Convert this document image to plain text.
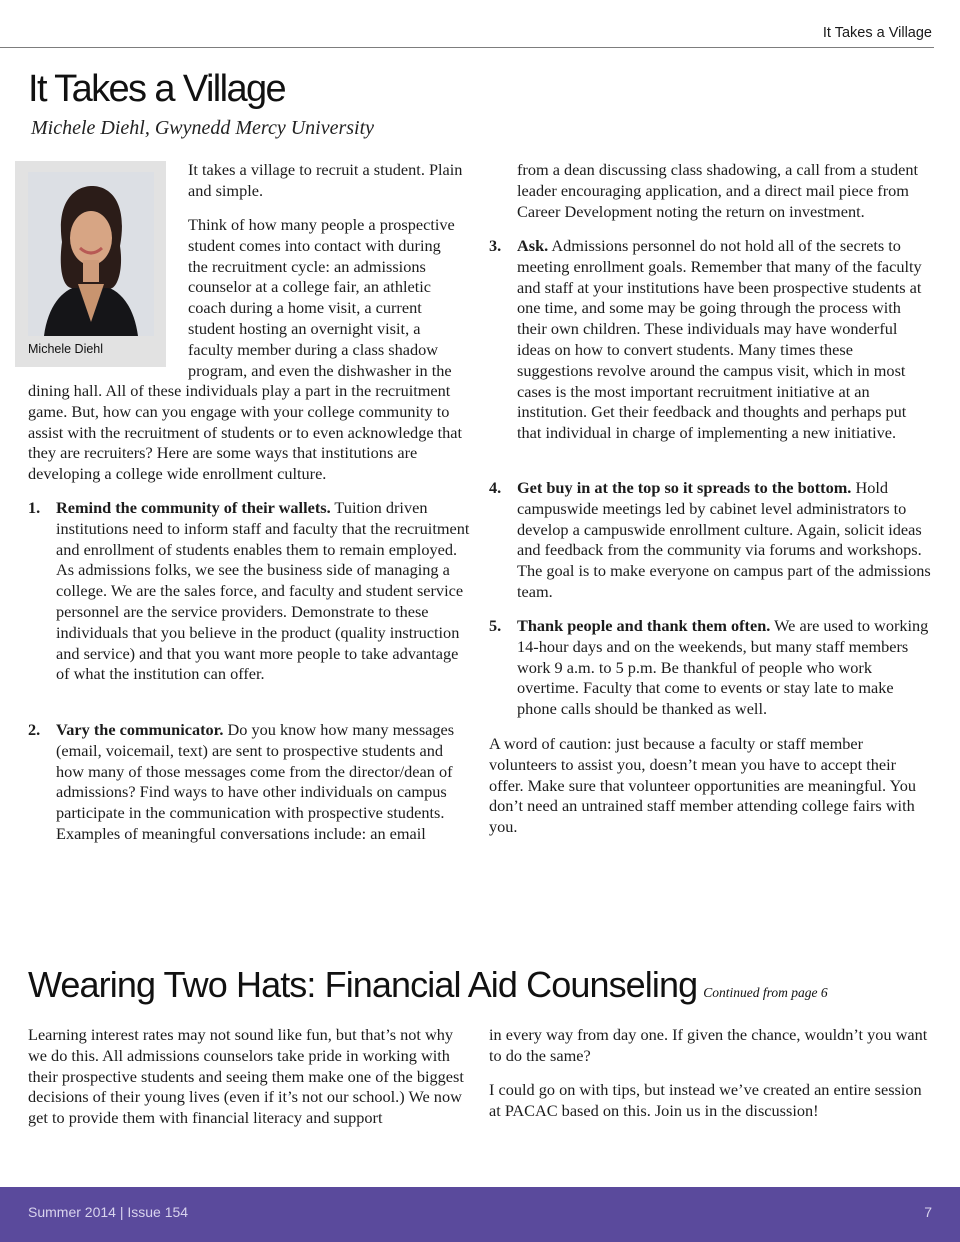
It Takes a Village
It Takes a Village
Michele Diehl, Gwynedd Mercy University
Michele Diehl

It takes a village to recruit a student. Plain and simple.

Think of how many people a prospective student comes into contact with during the recruitment cycle: an admissions counselor at a college fair, an athletic coach during a home visit, a current student hosting an overnight visit, a faculty member during a class shadow program, and even the dishwasher in the

dining hall. All of these individuals play a part in the recruitment game. But, how can you engage with your college community to assist with the recruitment of students or to even acknowledge that they are recruiters? Here are some ways that institutions are developing a college wide enrollment culture.

1. Remind the community of their wallets. Tuition driven institutions need to inform staff and faculty that the recruitment and enrollment of students enables them to remain employed. As admissions folks, we see the business side of managing a college. We are the sales force, and faculty and student service personnel are the service providers. Demonstrate to these individuals that you believe in the product (quality instruction and service) and that you want more people to take advantage of what the institution can offer.
2. Vary the communicator. Do you know how many messages (email, voicemail, text) are sent to prospective students and how many of those messages come from the director/dean of admissions? Find ways to have other individuals on campus participate in the communication with prospective students. Examples of meaningful conversations include: an email

from a dean discussing class shadowing, a call from a student leader encouraging application, and a direct mail piece from Career Development noting the return on investment.

3. Ask. Admissions personnel do not hold all of the secrets to meeting enrollment goals. Remember that many of the faculty and staff at your institutions have been prospective students at one time, and some may be going through the process with their own children. These individuals may have wonderful ideas on how to convert students. Many times these suggestions revolve around the campus visit, which in most cases is the most important recruitment initiative at an institution. Get their feedback and thoughts and perhaps put that individual in charge of implementing a new initiative.
4. Get buy in at the top so it spreads to the bottom. Hold campuswide meetings led by cabinet level administrators to develop a campuswide enrollment culture. Again, solicit ideas and feedback from the community via forums and workshops. The goal is to make everyone on campus part of the admissions team.
5. Thank people and thank them often. We are used to working 14-hour days and on the weekends, but many staff members work 9 a.m. to 5 p.m. Be thankful of people who work overtime. Faculty that come to events or stay late to make phone calls should be thanked as well.

A word of caution: just because a faculty or staff member volunteers to assist you, doesn’t mean you have to accept their offer. Make sure that volunteer opportunities are meaningful. You don’t need an untrained staff member attending college fairs with you.

Wearing Two Hats: Financial Aid Counseling Continued from page 6

Learning interest rates may not sound like fun, but that’s not why we do this. All admissions counselors take pride in working with their prospective students and seeing them make one of the biggest decisions of their young lives (even if it’s not our school.) We now get to provide them with financial literacy and support

in every way from day one. If given the chance, wouldn’t you want to do the same?

I could go on with tips, but instead we’ve created an entire session at PACAC based on this. Join us in the discussion!

Summer 2014 | Issue 154	7
